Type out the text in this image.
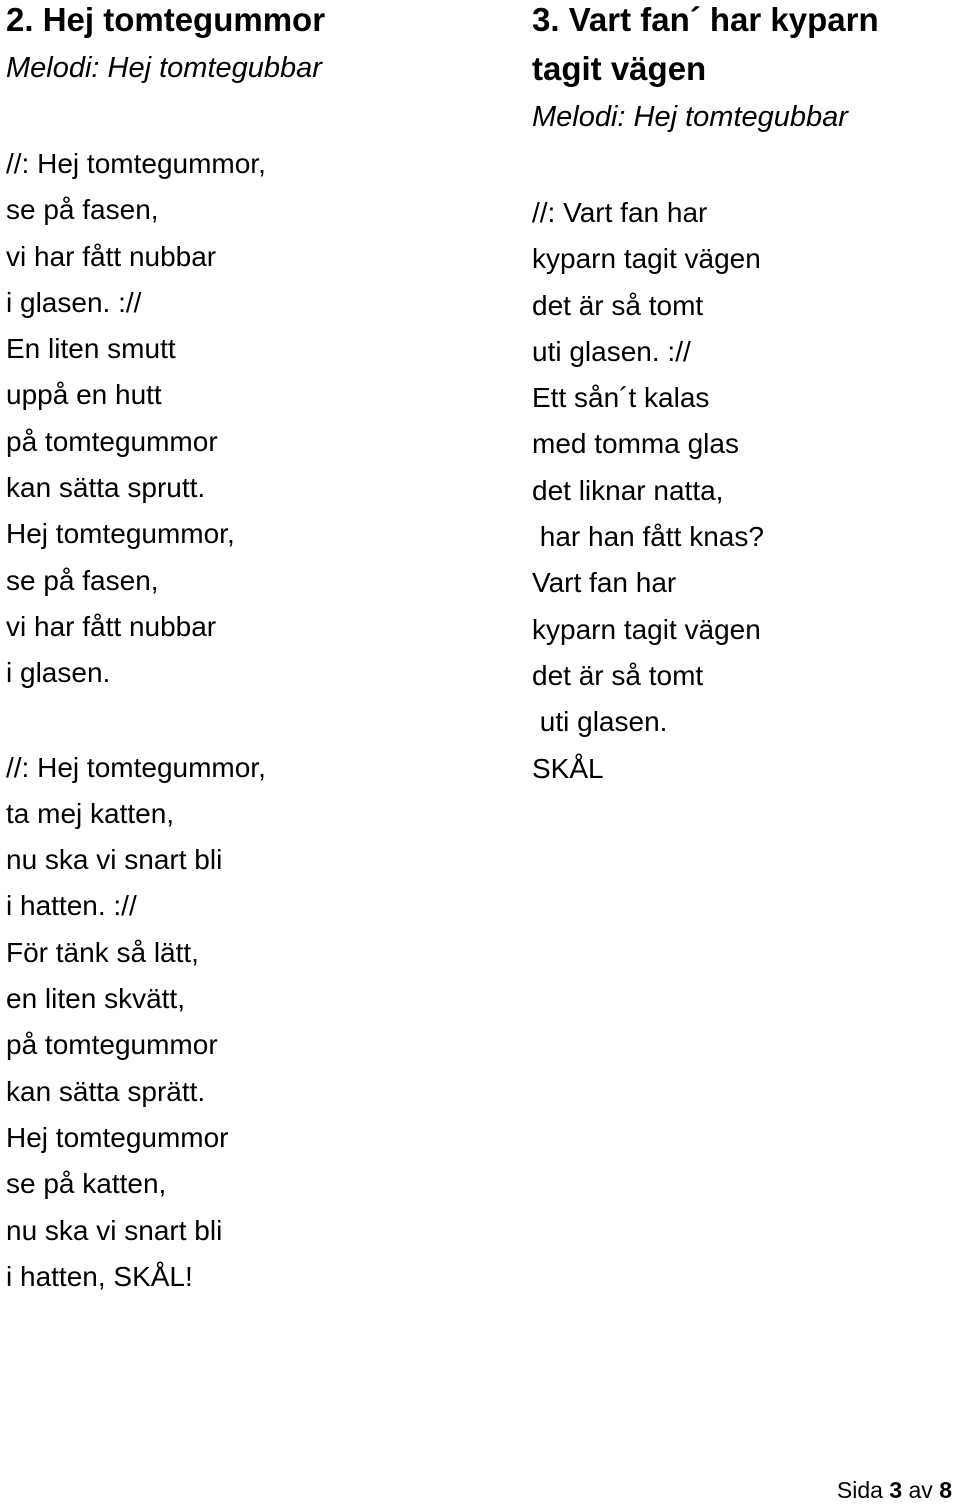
2. Hej tomtegummor

Melodi: Hej tomtegubbar

//: Hej tomtegummor,
se på fasen,
vi har fått nubbar
i glasen. ://
En liten smutt
uppå en hutt
på tomtegummor
kan sätta sprutt.
Hej tomtegummor,
se på fasen,
vi har fått nubbar
i glasen.
//: Hej tomtegummor,
ta mej katten,
nu ska vi snart bli
i hatten. ://
För tänk så lätt,
en liten skvätt,
på tomtegummor
kan sätta sprätt.
Hej tomtegummor
se på katten,
nu ska vi snart bli
i hatten, SKÅL!
3. Vart fan´ har kyparn
tagit vägen

Melodi: Hej tomtegubbar

//: Vart fan har
kyparn tagit vägen
det är så tomt
uti glasen. ://
Ett sån´t kalas
med tomma glas
det liknar natta,
har han fått knas?
Vart fan har
kyparn tagit vägen
det är så tomt
uti glasen.
SKÅL
Sida 3 av 8
